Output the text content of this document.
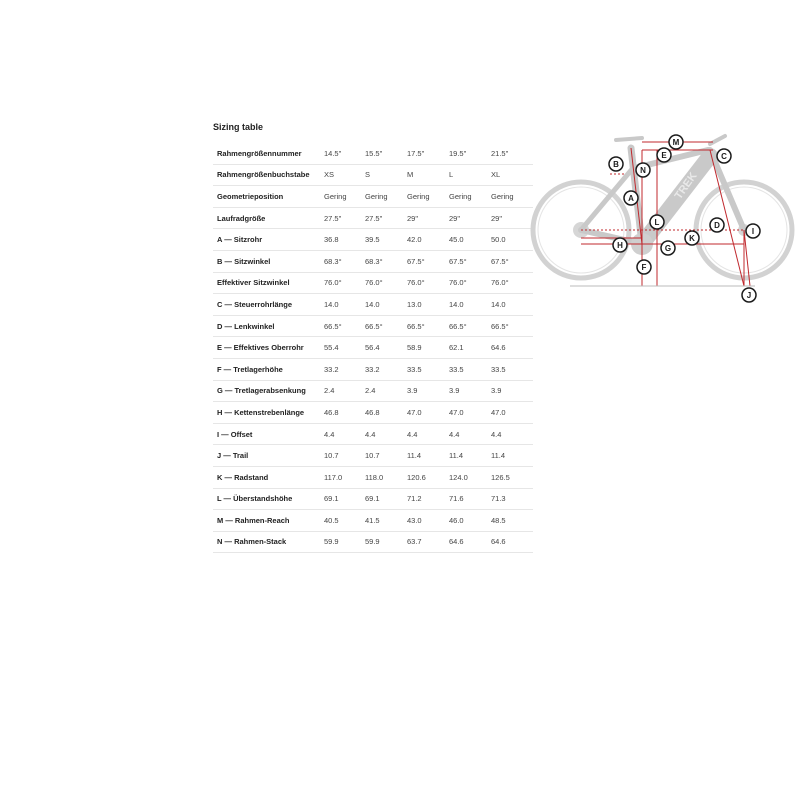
Sizing table
Rahmengrößennummer	14.5"	15.5"	17.5"	19.5"	21.5"
Rahmengrößenbuchstabe	XS	S	M	L	XL
Geometrieposition	Gering	Gering	Gering	Gering	Gering
Laufradgröße	27.5"	27.5"	29"	29"	29"
A — Sitzrohr	36.8	39.5	42.0	45.0	50.0
B — Sitzwinkel	68.3°	68.3°	67.5°	67.5°	67.5°
Effektiver Sitzwinkel	76.0°	76.0°	76.0°	76.0°	76.0°
C — Steuerrohrlänge	14.0	14.0	13.0	14.0	14.0
D — Lenkwinkel	66.5°	66.5°	66.5°	66.5°	66.5°
E — Effektives Oberrohr	55.4	56.4	58.9	62.1	64.6
F — Tretlagerhöhe	33.2	33.2	33.5	33.5	33.5
G — Tretlagerabsenkung	2.4	2.4	3.9	3.9	3.9
H — Kettenstrebenlänge	46.8	46.8	47.0	47.0	47.0
I — Offset	4.4	4.4	4.4	4.4	4.4
J — Trail	10.7	10.7	11.4	11.4	11.4
K — Radstand	117.0	118.0	120.6	124.0	126.5
L — Überstandshöhe	69.1	69.1	71.2	71.6	71.3
M — Rahmen-Reach	40.5	41.5	43.0	46.0	48.5
N — Rahmen-Stack	59.9	59.9	63.7	64.6	64.6
TREK
M
B
E	C
N
A
L	D
I
H	G
K
F
J
